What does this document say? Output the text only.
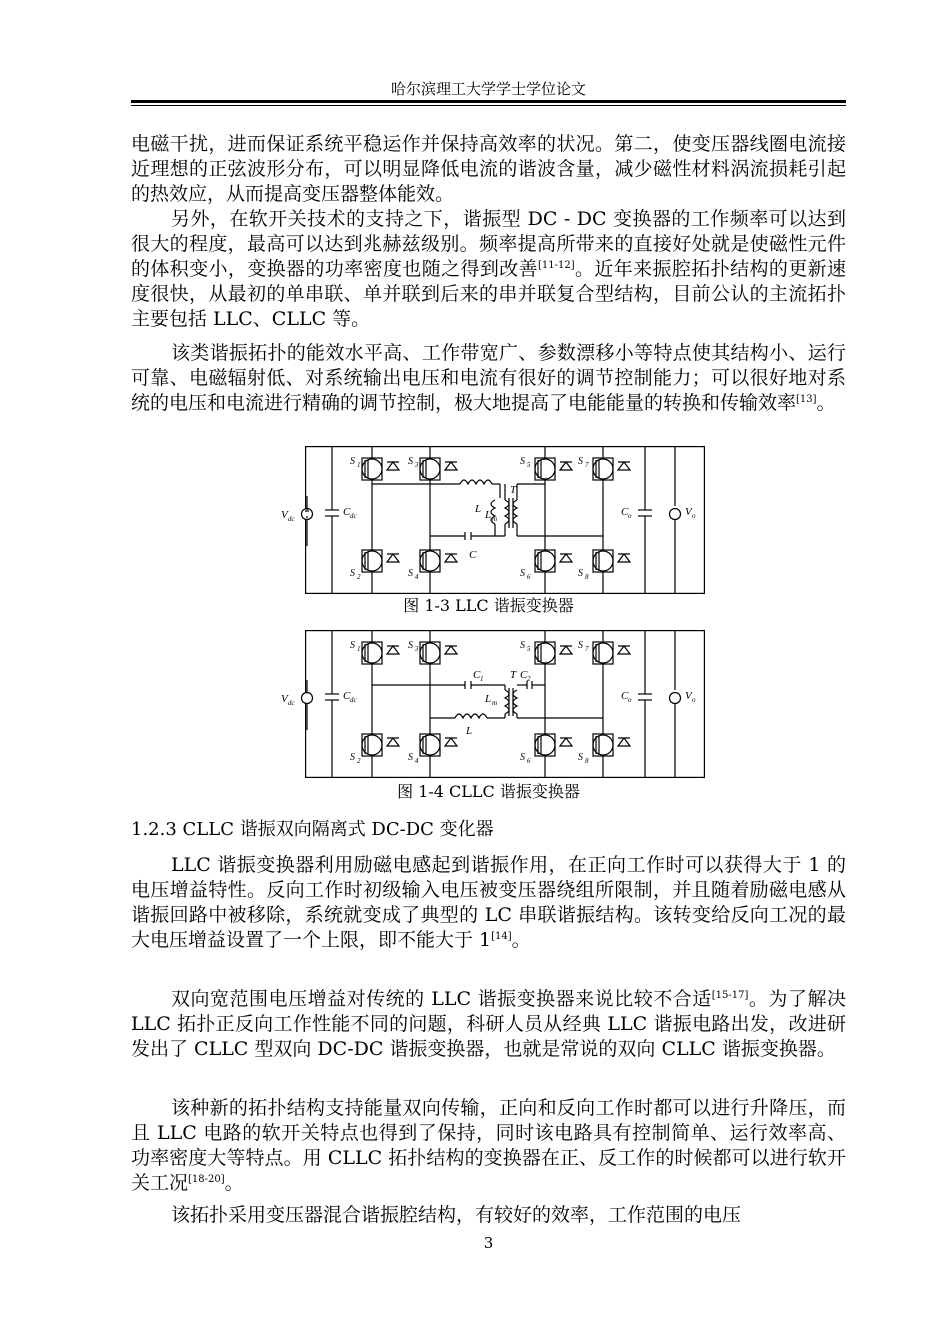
哈尔滨理工大学学士学位论文

电磁干扰，进而保证系统平稳运作并保持高效率的状况。第二，使变压器线圈电流接近理想的正弦波形分布，可以明显降低电流的谐波含量，减少磁性材料涡流损耗引起的热效应，从而提高变压器整体能效。

另外，在软开关技术的支持之下，谐振型 DC - DC 变换器的工作频率可以达到很大的程度，最高可以达到兆赫兹级别。频率提高所带来的直接好处就是使磁性元件的体积变小，变换器的功率密度也随之得到改善[11-12]。近年来振腔拓扑结构的更新速度很快，从最初的单串联、单并联到后来的串并联复合型结构，目前公认的主流拓扑主要包括 LLC、CLLC 等。

该类谐振拓扑的能效水平高、工作带宽广、参数漂移小等特点使其结构小、运行可靠、电磁辐射低、对系统输出电压和电流有很好的调节控制能力；可以很好地对系统的电压和电流进行精确的调节控制，极大地提高了电能能量的转换和传输效率[13]。

V dc
C dc	C o	V o
L L m
T
C
S 1	S 3
S 2	S 4
S 5	S 7
S 6	S 8
图 1-3 LLC 谐振变换器
V dc
C dc	C o	V o
C 1 T C 2
L m
L
S 1	S 3
S 2	S 4
S 5	S 7
S 6	S 8
图 1-4 CLLC 谐振变换器
1.2.3 CLLC 谐振双向隔离式 DC-DC 变化器

LLC 谐振变换器利用励磁电感起到谐振作用，在正向工作时可以获得大于 1 的电压增益特性。反向工作时初级输入电压被变压器绕组所限制，并且随着励磁电感从谐振回路中被移除，系统就变成了典型的 LC 串联谐振结构。该转变给反向工况的最大电压增益设置了一个上限，即不能大于 1[14]。

双向宽范围电压增益对传统的 LLC 谐振变换器来说比较不合适[15-17]。为了解决 LLC 拓扑正反向工作性能不同的问题，科研人员从经典 LLC 谐振电路出发，改进研发出了 CLLC 型双向 DC-DC 谐振变换器，也就是常说的双向 CLLC 谐振变换器。

该种新的拓扑结构支持能量双向传输，正向和反向工作时都可以进行升降压，而且 LLC 电路的软开关特点也得到了保持，同时该电路具有控制简单、运行效率高、功率密度大等特点。用 CLLC 拓扑结构的变换器在正、反工作的时候都可以进行软开关工况[18-20]。

该拓扑采用变压器混合谐振腔结构，有较好的效率，工作范围的电压

3
